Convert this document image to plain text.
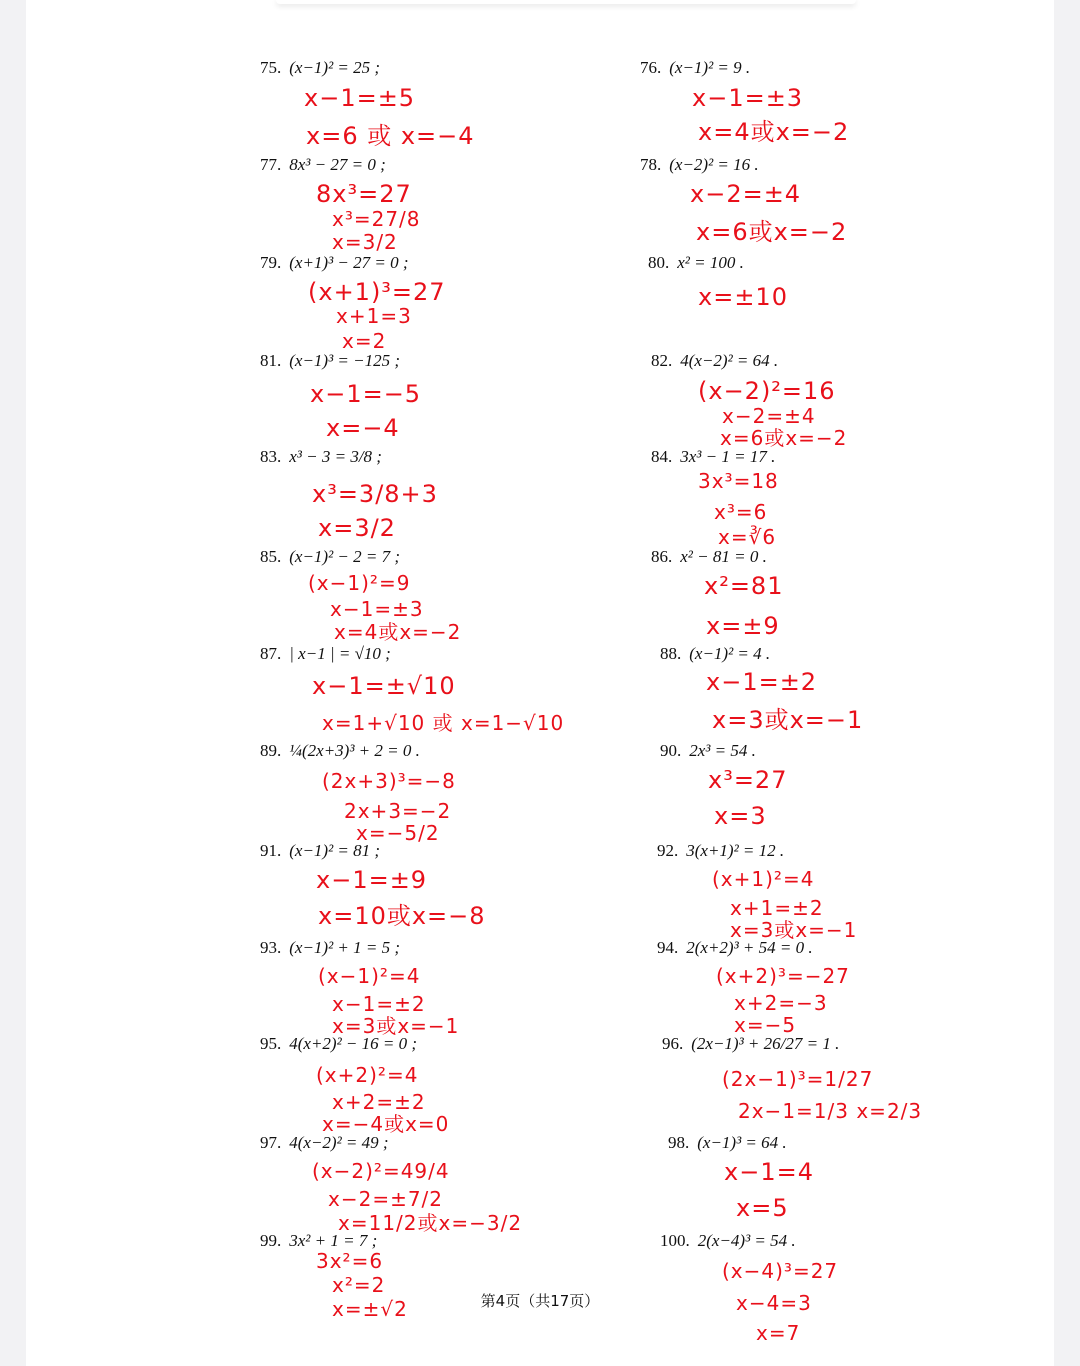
75. (x−1)² = 25 ;
x−1=±5
x=6 或 x=−4
76. (x−1)² = 9 .
x−1=±3
x=4或x=−2
77. 8x³ − 27 = 0 ;
8x³=27
x³=27/8
x=3/2
78. (x−2)² = 16 .
x−2=±4
x=6或x=−2
79. (x+1)³ − 27 = 0 ;
(x+1)³=27
x+1=3
x=2
80. x² = 100 .
x=±10
81. (x−1)³ = −125 ;
x−1=−5
x=−4
82. 4(x−2)² = 64 .
(x−2)²=16
x−2=±4
x=6或x=−2
83. x³ − 3 = 3/8 ;
x³=3/8+3
x=3/2
84. 3x³ − 1 = 17 .
3x³=18
x³=6
x=∛6
85. (x−1)² − 2 = 7 ;
(x−1)²=9
x−1=±3
x=4或x=−2
86. x² − 81 = 0 .
x²=81
x=±9
87. | x−1 | = √10 ;
x−1=±√10
x=1+√10 或 x=1−√10
88. (x−1)² = 4 .
x−1=±2
x=3或x=−1
89. ¼(2x+3)³ + 2 = 0 .
(2x+3)³=−8
2x+3=−2
x=−5/2
90. 2x³ = 54 .
x³=27
x=3
91. (x−1)² = 81 ;
x−1=±9
x=10或x=−8
92. 3(x+1)² = 12 .
(x+1)²=4
x+1=±2
x=3或x=−1
93. (x−1)² + 1 = 5 ;
(x−1)²=4
x−1=±2
x=3或x=−1
94. 2(x+2)³ + 54 = 0 .
(x+2)³=−27
x+2=−3
x=−5
95. 4(x+2)² − 16 = 0 ;
(x+2)²=4
x+2=±2
x=−4或x=0
96. (2x−1)³ + 26/27 = 1 .
(2x−1)³=1/27
2x−1=1/3 x=2/3
97. 4(x−2)² = 49 ;
(x−2)²=49/4
x−2=±7/2
x=11/2或x=−3/2
98. (x−1)³ = 64 .
x−1=4
x=5
99. 3x² + 1 = 7 ;
3x²=6
x²=2
x=±√2
100. 2(x−4)³ = 54 .
(x−4)³=27
x−4=3
x=7
第4页（共17页）
